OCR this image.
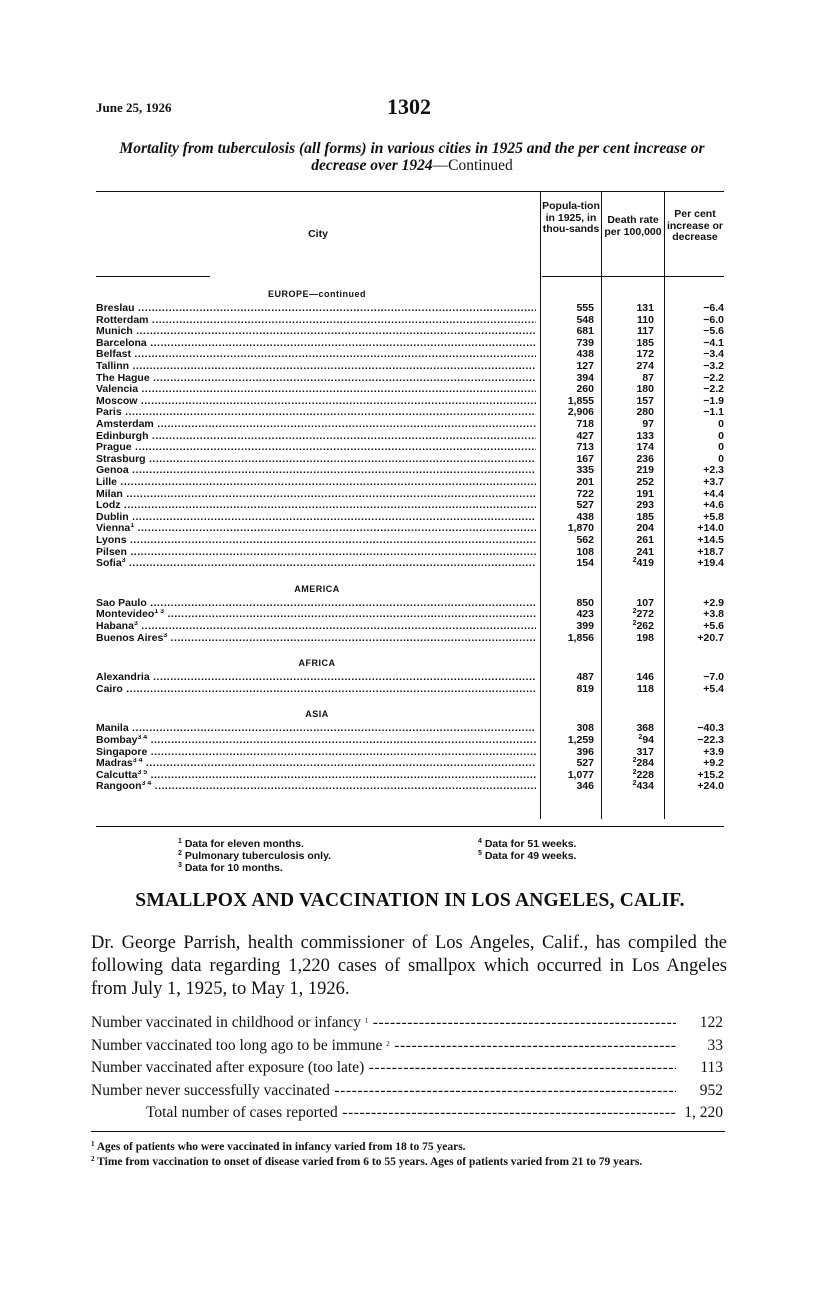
June 25, 1926	1302
Mortality from tuberculosis (all forms) in various cities in 1925 and the per cent increase or decrease over 1924—Continued
City
Popula-tion in 1925, in thou-sands
Death rate per 100,000
Per cent increase or decrease
EUROPE—continued
Breslau .....	555	131	−6.4
Rotterdam .....	548	110	−6.0
Munich .....	681	117	−5.6
Barcelona .....	739	185	−4.1
Belfast .....	438	172	−3.4
Tallinn .....	127	274	−3.2
The Hague .....	394	87	−2.2
Valencia .....	260	180	−2.2
Moscow .....	1,855	157	−1.9
Paris .....	2,906	280	−1.1
Amsterdam .....	718	97	0
Edinburgh .....	427	133	0
Prague .....	713	174	0
Strasburg .....	167	236	0
Genoa .....	335	219	+2.3
Lille .....	201	252	+3.7
Milan .....	722	191	+4.4
Lodz .....	527	293	+4.6
Dublin .....	438	185	+5.8
Vienna$^1$ .....	1,870	204	+14.0
Lyons .....	562	261	+14.5
Pilsen .....	108	241	+18.7
Sofia$^3$ .....	154	$^2$419	+19.4
AMERICA
Sao Paulo .....	850	107	+2.9
Montevideo$^{1 3}$ .....	423	$^2$272	+3.8
Habana$^3$ .....	399	$^2$262	+5.6
Buenos Aires$^3$ .....	1,856	198	+20.7
AFRICA
Alexandria .....	487	146	−7.0
Cairo .....	819	118	+5.4
ASIA
Manila .....	308	368	−40.3
Bombay$^{3 4}$ .....	1,259	$^2$94	−22.3
Singapore .....	396	317	+3.9
Madras$^{3 4}$ .....	527	$^2$284	+9.2
Calcutta$^{3 5}$ .....	1,077	$^2$228	+15.2
Rangoon$^{3 4}$ .....	346	$^2$434	+24.0
$^1$ Data for eleven months.
$^2$ Pulmonary tuberculosis only.
$^3$ Data for 10 months.
$^4$ Data for 51 weeks.
$^5$ Data for 49 weeks.
SMALLPOX AND VACCINATION IN LOS ANGELES, CALIF.
Dr. George Parrish, health commissioner of Los Angeles, Calif., has compiled the following data regarding 1,220 cases of smallpox which occurred in Los Angeles from July 1, 1925, to May 1, 1926.
Number vaccinated in childhood or infancy $^1$ -----	122
Number vaccinated too long ago to be immune $^2$ -----	33
Number vaccinated after exposure (too late) -----	113
Number never successfully vaccinated -----	952
Total number of cases reported -----	1, 220
$^1$ Ages of patients who were vaccinated in infancy varied from 18 to 75 years.
$^2$ Time from vaccination to onset of disease varied from 6 to 55 years. Ages of patients varied from 21 to 79 years.
